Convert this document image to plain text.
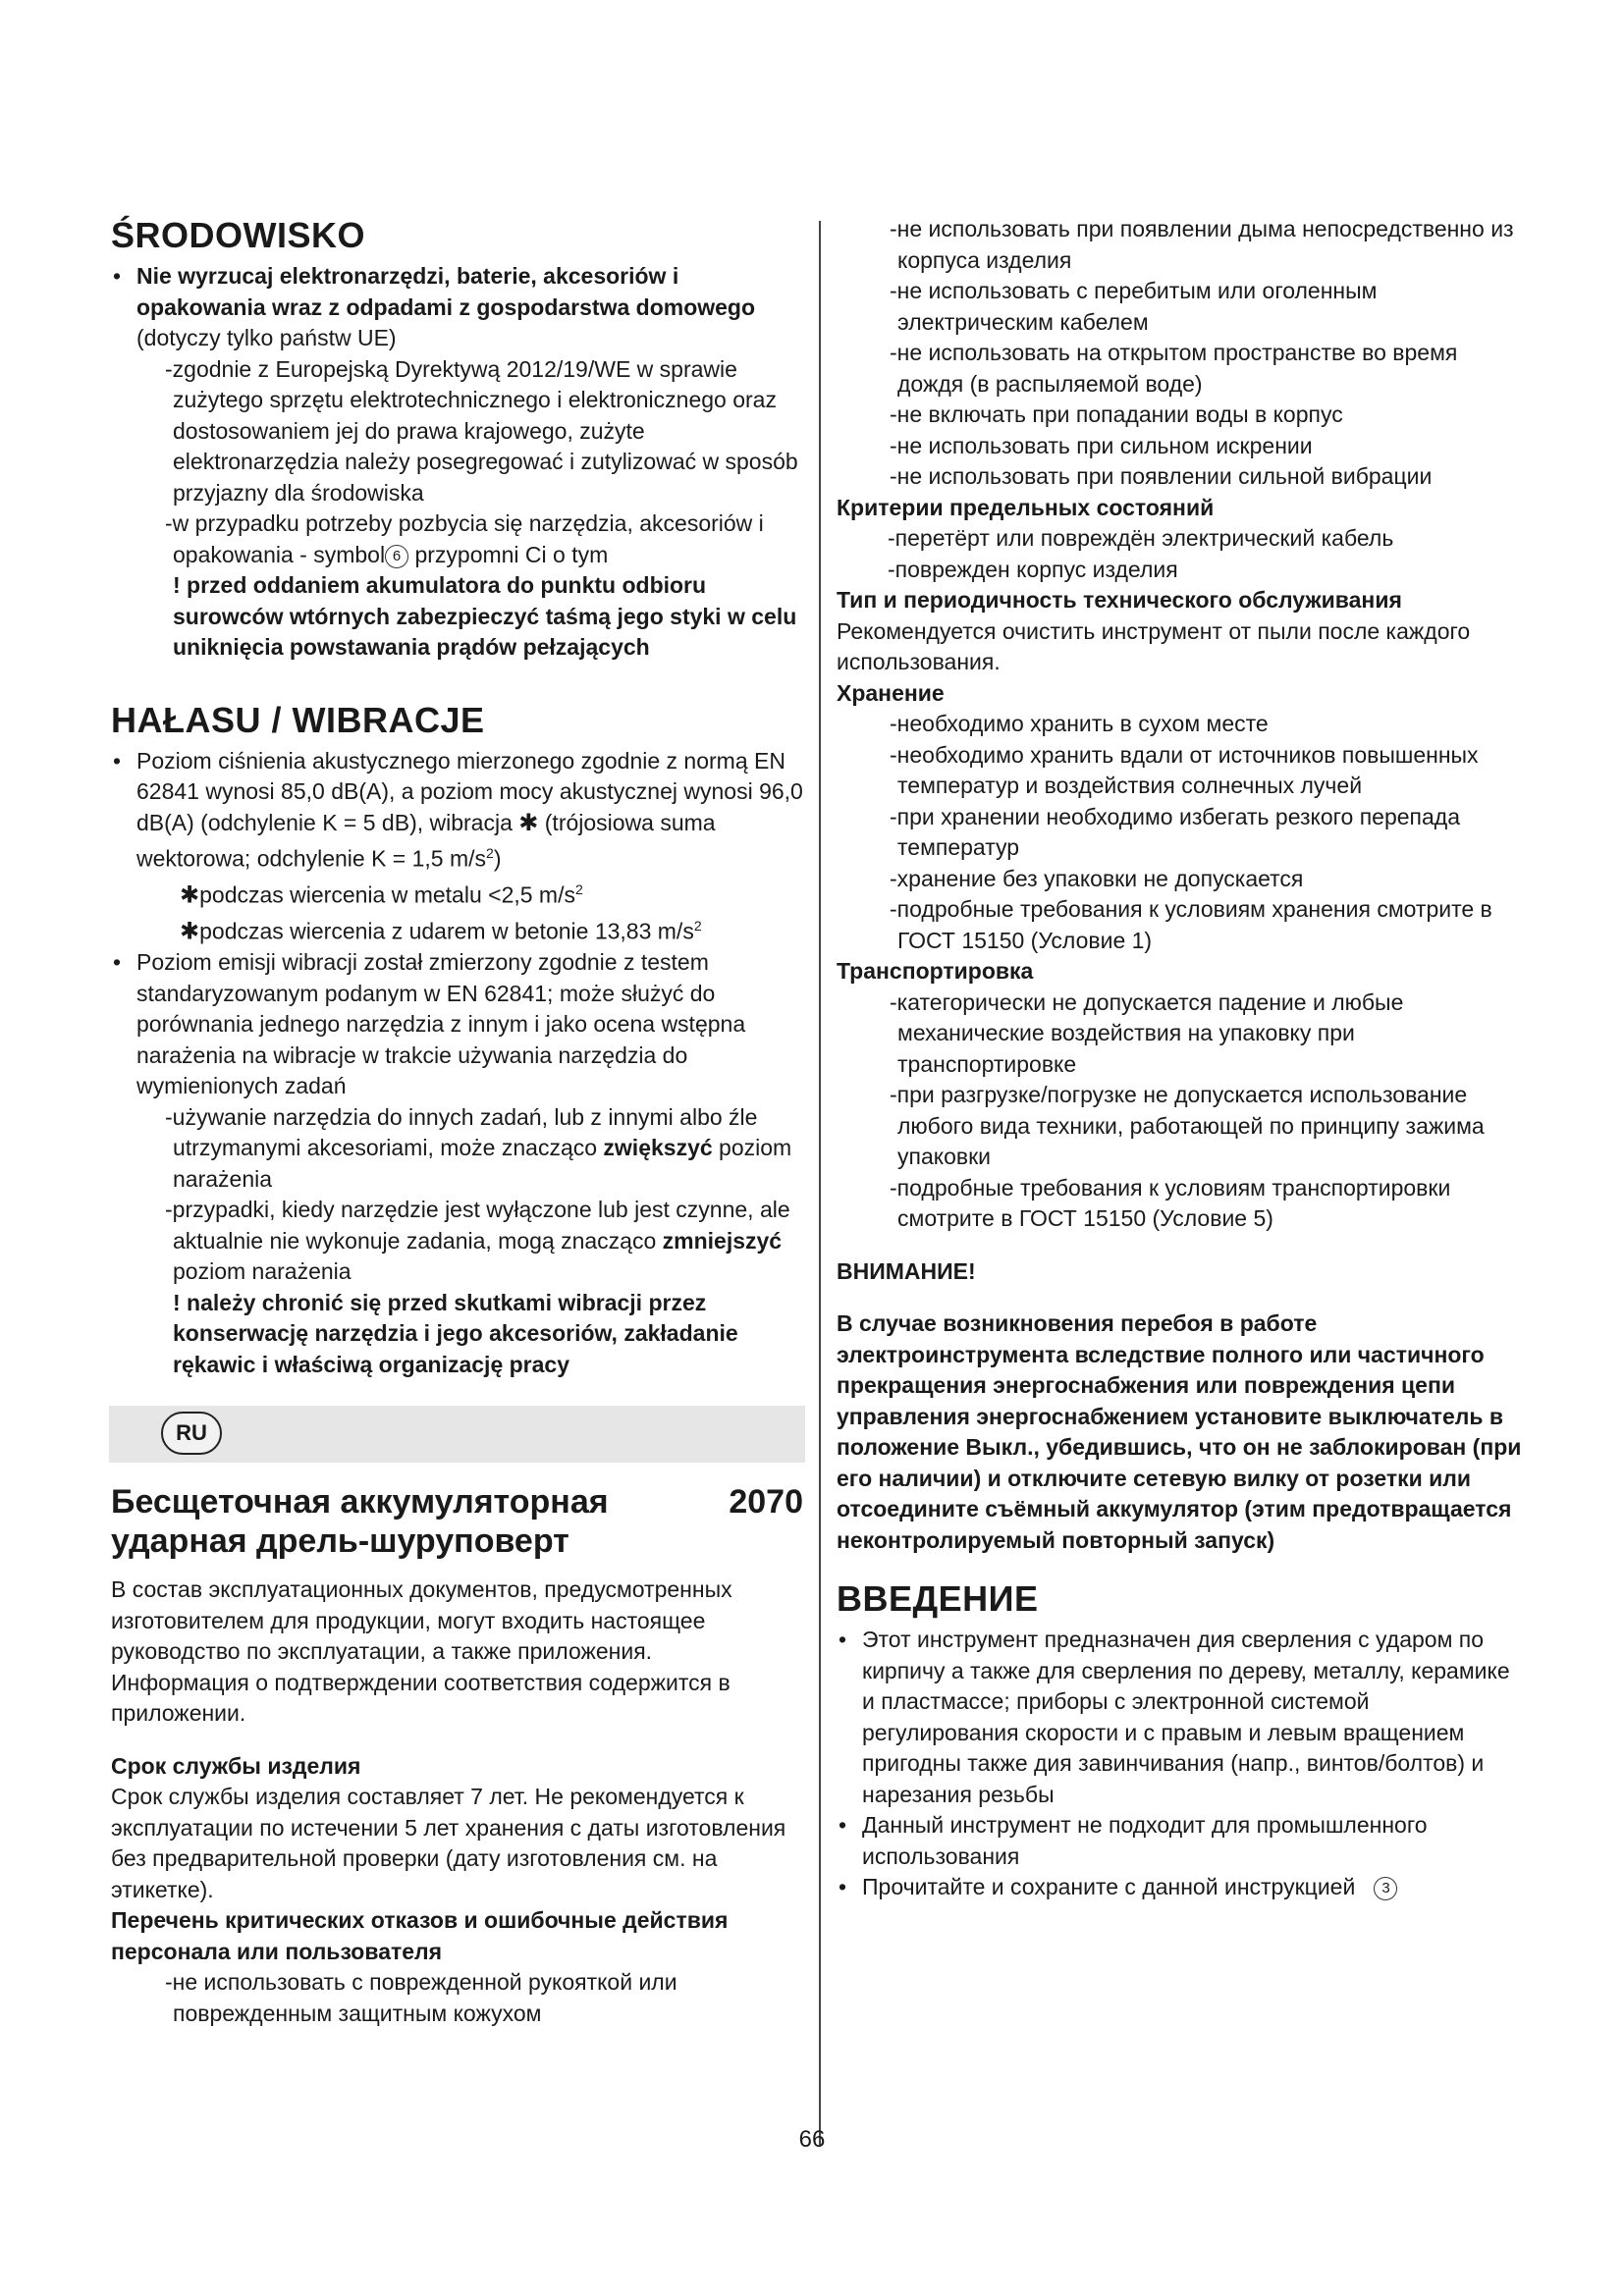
ŚRODOWISKO

• Nie wyrzucaj elektronarzędzi, baterie, akcesoriów i opakowania wraz z odpadami z gospodarstwa domowego (dotyczy tylko państw UE)

-zgodnie z Europejską Dyrektywą 2012/19/WE w sprawie zużytego sprzętu elektrotechnicznego i elektronicznego oraz dostosowaniem jej do prawa krajowego, zużyte elektronarzędzia należy posegregować i zutylizować w sposób przyjazny dla środowiska

-w przypadku potrzeby pozbycia się narzędzia, akcesoriów i opakowania - symbol 6 przypomni Ci o tym

! przed oddaniem akumulatora do punktu odbioru surowców wtórnych zabezpieczyć taśmą jego styki w celu uniknięcia powstawania prądów pełzających

HAŁASU / WIBRACJE

• Poziom ciśnienia akustycznego mierzonego zgodnie z normą EN 62841 wynosi 85,0 dB(A), a poziom mocy akustycznej wynosi 96,0 dB(A) (odchylenie K = 5 dB), wibracja ✱ (trójosiowa suma wektorowa; odchylenie K = 1,5 $m/s^2$)

✱podczas wiercenia w metalu <2,5 $m/s^2$

✱podczas wiercenia z udarem w betonie 13,83 $m/s^2$

• Poziom emisji wibracji został zmierzony zgodnie z testem standaryzowanym podanym w EN 62841; może służyć do porównania jednego narzędzia z innym i jako ocena wstępna narażenia na wibracje w trakcie używania narzędzia do wymienionych zadań

-używanie narzędzia do innych zadań, lub z innymi albo źle utrzymanymi akcesoriami, może znacząco zwiększyć poziom narażenia

-przypadki, kiedy narzędzie jest wyłączone lub jest czynne, ale aktualnie nie wykonuje zadania, mogą znacząco zmniejszyć poziom narażenia

! należy chronić się przed skutkami wibracji przez konserwację narzędzia i jego akcesoriów, zakładanie rękawic i właściwą organizację pracy

RU
Бесщеточная аккумуляторная
ударная дрель-шуруповерт
2070

В состав эксплуатационных документов, предусмотренных изготовителем для продукции, могут входить настоящее руководство по эксплуатации, а также приложения.

Информация о подтверждении соответствия содержится в приложении.

Срок службы изделия

Срок службы изделия составляет 7 лет. Не рекомендуется к эксплуатации по истечении 5 лет хранения с даты изготовления без предварительной проверки (дату изготовления см. на этикетке).

Перечень критических отказов и ошибочные действия персонала или пользователя

-не использовать с поврежденной рукояткой или поврежденным защитным кожухом

-не использовать при появлении дыма непосредственно из корпуса изделия

-не использовать с перебитым или оголенным электрическим кабелем

-не использовать на открытом пространстве во время дождя (в распыляемой воде)

-не включать при попадании воды в корпус

-не использовать при сильном искрении

-не использовать при появлении сильной вибрации

Критерии предельных состояний

-перетёрт или повреждён электрический кабель

-поврежден корпус изделия

Тип и периодичность технического обслуживания

Рекомендуется очистить инструмент от пыли после каждого использования.

Хранение

-необходимо хранить в сухом месте

-необходимо хранить вдали от источников повышенных температур и воздействия солнечных лучей

-при хранении необходимо избегать резкого перепада температур

-хранение без упаковки не допускается

-подробные требования к условиям хранения смотрите в ГОСТ 15150 (Условие 1)

Транспортировка

-категорически не допускается падение и любые механические воздействия на упаковку при транспортировке

-при разгрузке/погрузке не допускается использование любого вида техники, работающей по принципу зажима упаковки

-подробные требования к условиям транспортировки смотрите в ГОСТ 15150 (Условие 5)

ВНИМАНИЕ!

В случае возникновения перебоя в работе электроинструмента вследствие полного или частичного прекращения энергоснабжения или повреждения цепи управления энергоснабжением установите выключатель в положение Выкл., убедившись, что он не заблокирован (при его наличии) и отключите сетевую вилку от розетки или отсоедините съёмный аккумулятор (этим предотвращается неконтролируемый повторный запуск)

ВВЕДЕНИЕ

• Этот инструмент предназначен дия сверления с ударом по кирпичу а также для сверления по дереву, металлу, керамике и пластмассе; приборы с электронной системой регулирования скорости и с правым и левым вращением пригодны также дия завинчивания (напр., винтов/болтов) и нарезания резьбы
• Данный инструмент не подходит для промышленного использования
• Прочитайте и сохраните с данной инструкцией 3
66
